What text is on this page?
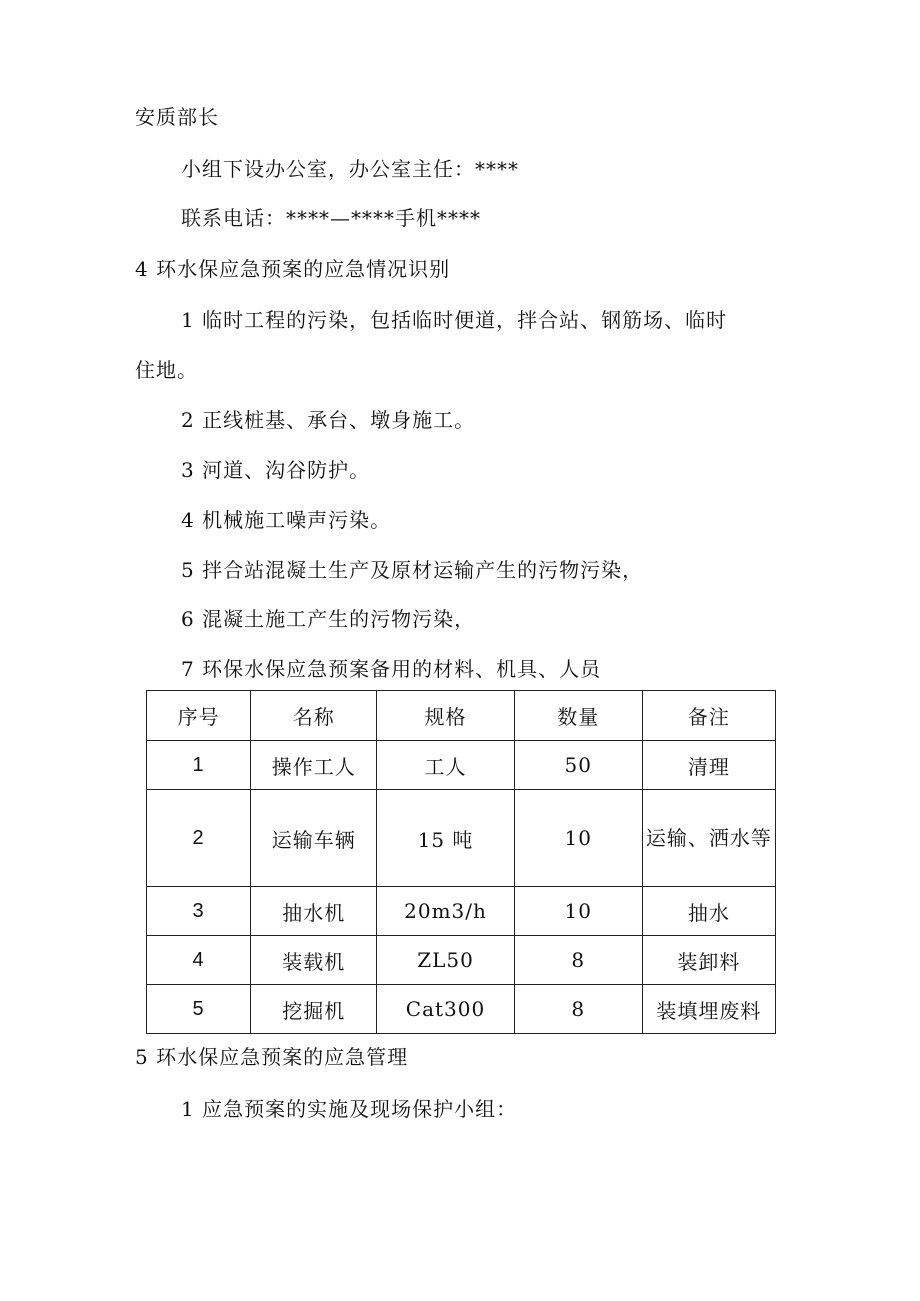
安质部长
小组下设办公室，办公室主任：****
联系电话：****—****手机****
4 环水保应急预案的应急情况识别
1 临时工程的污染，包括临时便道，拌合站、钢筋场、临时
住地。
2 正线桩基、承台、墩身施工。
3 河道、沟谷防护。
4 机械施工噪声污染。
5 拌合站混凝土生产及原材运输产生的污物污染，
6 混凝土施工产生的污物污染，
7 环保水保应急预案备用的材料、机具、人员
序号	名称	规格	数量	备注
1	操作工人	工人	50	清理
2	运输车辆	15 吨	10	运输、洒水等
3	抽水机	20m3/h	10	抽水
4	装载机	ZL50	8	装卸料
5	挖掘机	Cat300	8	装填埋废料
5 环水保应急预案的应急管理
1 应急预案的实施及现场保护小组：
